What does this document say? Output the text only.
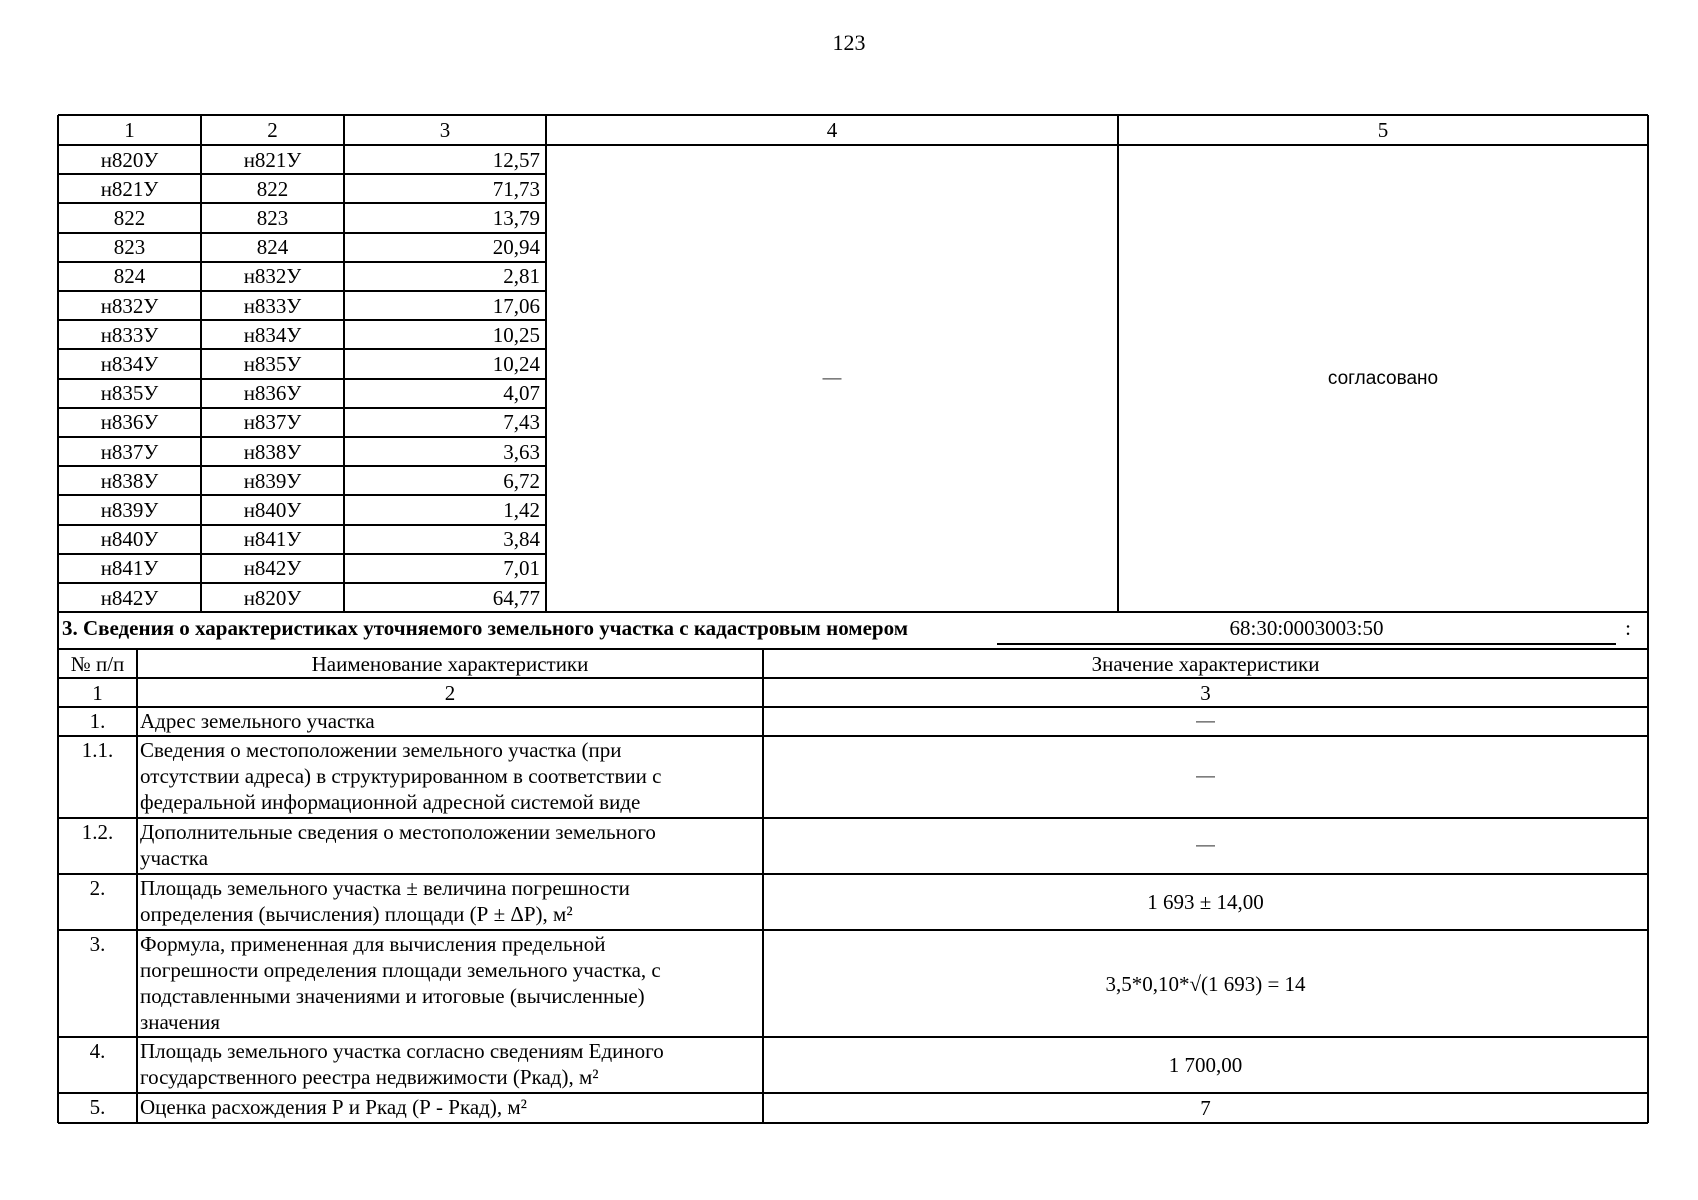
123
1	2	3	4	5
н820У	н821У	12,57
н821У	822	71,73
822	823	13,79
823	824	20,94
824	н832У	2,81
н832У	н833У	17,06
н833У	н834У	10,25
н834У	н835У	10,24
н835У	н836У	4,07
н836У	н837У	7,43
н837У	н838У	3,63
н838У	н839У	6,72
н839У	н840У	1,42
н840У	н841У	3,84
н841У	н842У	7,01
н842У	н820У	64,77
—	согласовано
3. Сведения о характеристиках уточняемого земельного участка с кадастровым номером	68:30:0003003:50	:
№ п/п	Наименование характеристики	Значение характеристики
1	2	3
1.	Адрес земельного участка	—
1.1.	Сведения о местоположении земельного участка (при
отсутствии адреса) в структурированном в соответствии с
федеральной информационной адресной системой виде
—
1.2.	Дополнительные сведения о местоположении земельного
участка
—
2.	Площадь земельного участка ± величина погрешности
определения (вычисления) площади (Р ± ΔР), м²	1 693 ± 14,00
3.	Формула, примененная для вычисления предельной
погрешности определения площади земельного участка, с
подставленными значениями и итоговые (вычисленные)
значения
3,5*0,10*√(1 693) = 14
4.	Площадь земельного участка согласно сведениям Единого
государственного реестра недвижимости (Ркад), м²	1 700,00
5.	Оценка расхождения Р и Ркад (Р - Ркад), м²	7
